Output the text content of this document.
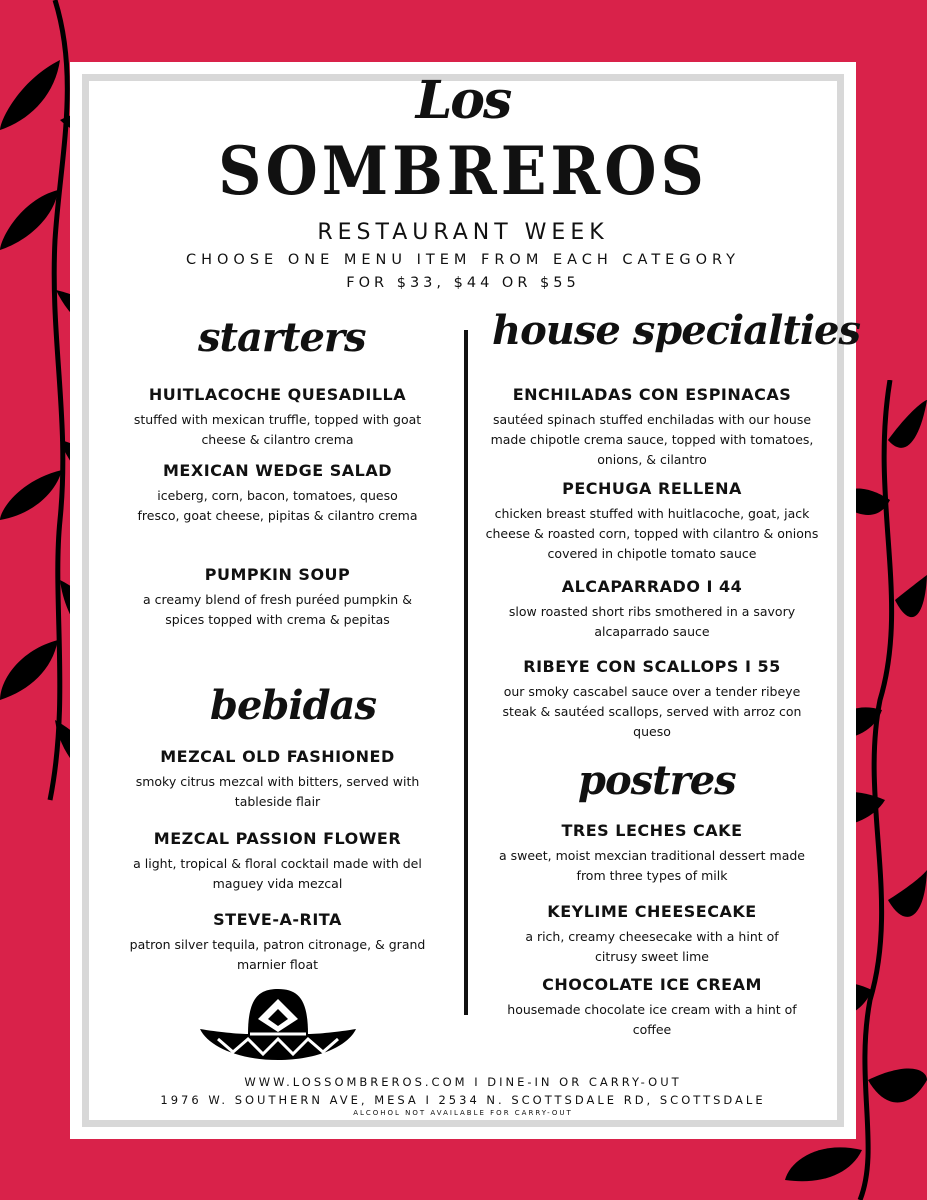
Los
SOMBREROS
RESTAURANT WEEK
CHOOSE ONE MENU ITEM FROM EACH CATEGORY
FOR $33, $44 OR $55
starters
HUITLACOCHE QUESADILLA
stuffed with mexican truffle, topped with goat cheese & cilantro crema
MEXICAN WEDGE SALAD
iceberg, corn, bacon, tomatoes, queso fresco, goat cheese, pipitas & cilantro crema
PUMPKIN SOUP
a creamy blend of fresh puréed pumpkin & spices topped with crema & pepitas
bebidas
MEZCAL OLD FASHIONED
smoky citrus mezcal with bitters, served with tableside flair
MEZCAL PASSION FLOWER
a light, tropical & floral cocktail made with del maguey vida mezcal
STEVE-A-RITA
patron silver tequila, patron citronage, & grand marnier float
house specialties
ENCHILADAS CON ESPINACAS
sautéed spinach stuffed enchiladas with our house made chipotle crema sauce, topped with tomatoes, onions, & cilantro
PECHUGA RELLENA
chicken breast stuffed with huitlacoche, goat, jack cheese & roasted corn, topped with cilantro & onions covered in chipotle tomato sauce
ALCAPARRADO I 44
slow roasted short ribs smothered in a savory alcaparrado sauce
RIBEYE CON SCALLOPS I 55
our smoky cascabel sauce over a tender ribeye steak & sautéed scallops, served with arroz con queso
postres
TRES LECHES CAKE
a sweet, moist mexcian traditional dessert made from three types of milk
KEYLIME CHEESECAKE
a rich, creamy cheesecake with a hint of citrusy sweet lime
CHOCOLATE ICE CREAM
housemade chocolate ice cream with a hint of coffee
WWW.LOSSOMBREROS.COM I DINE-IN OR CARRY-OUT
1976 W. SOUTHERN AVE, MESA I 2534 N. SCOTTSDALE RD, SCOTTSDALE
ALCOHOL NOT AVAILABLE FOR CARRY-OUT
